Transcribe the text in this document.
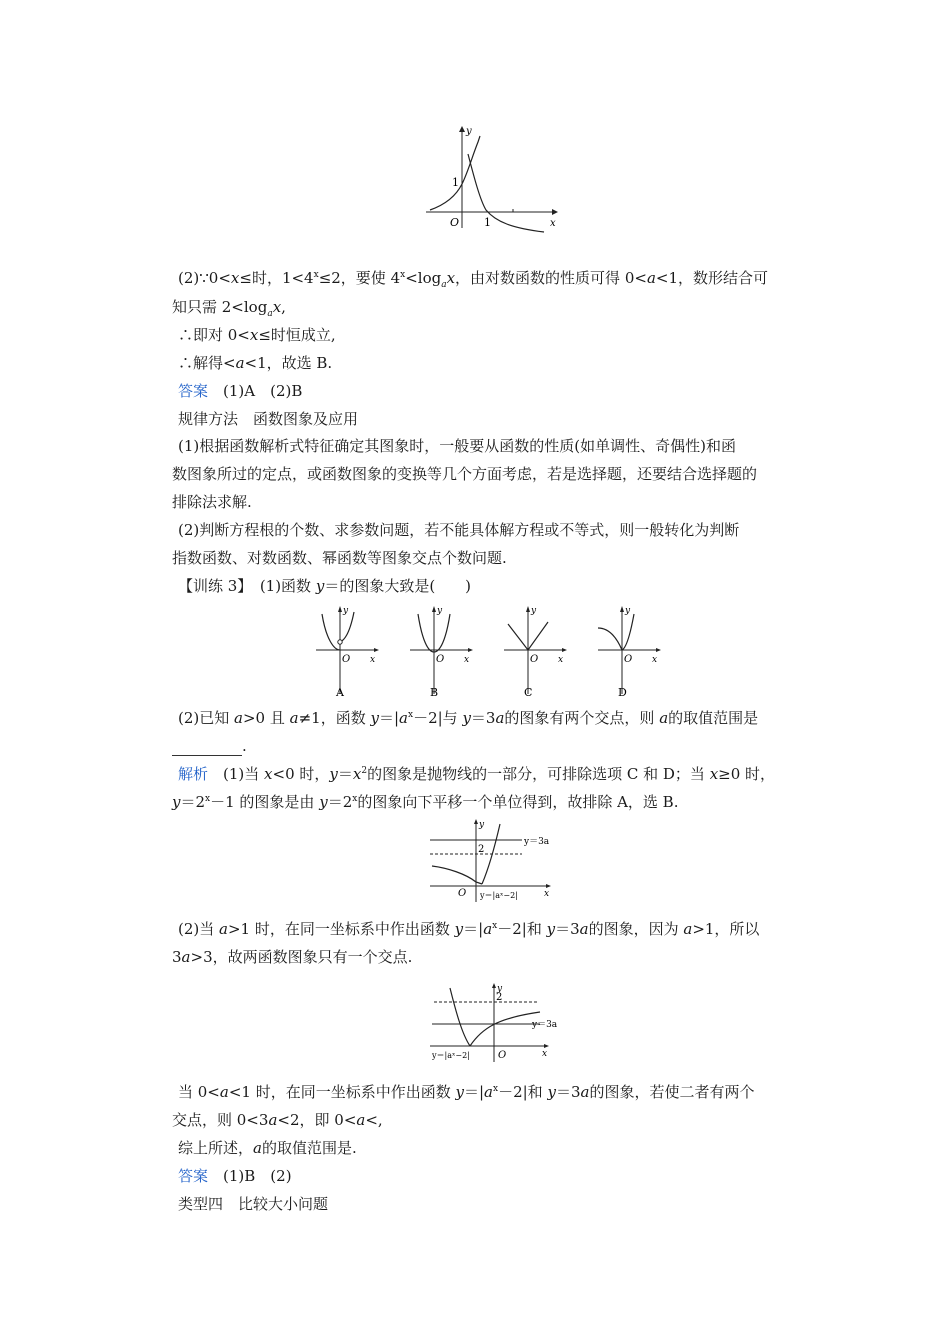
y
x
O
1
1
(2)∵0<x≤时，$1<4^x\le 2$，要使 $4^x<\log_ax$，由对数函数的性质可得 0<a<1，数形结合可
知只需 $2<\log_ax$,
∴即对 0<x≤时恒成立,
∴解得<a<1，故选 B.
答案　 (1)A　(2)B
规律方法　函数图象及应用
(1)根据函数解析式特征确定其图象时，一般要从函数的性质(如单调性、奇偶性)和函
数图象所过的定点，或函数图象的变换等几个方面考虑，若是选择题，还要结合选择题的
排除法求解.
(2)判断方程根的个数、求参数问题，若不能具体解方程或不等式，则一般转化为判断
指数函数、对数函数、幂函数等图象交点个数问题.
【训练 3】　(1)函数 y＝的图象大致是(　　)
O x
y
A
O x
y
B
O x
y
C
O x
y
D
(2)已知 a>0 且 a≠1，函数 $y=|a^x-2|$与 y＝3a的图象有两个交点，则 a的取值范围是
.
解析　(1)当 x<0 时，$y=x^2$的图象是抛物线的一部分，可排除选项 C 和 D；当 x≥0 时，
$y=2^x-1$ 的图象是由 $y=2^x$的图象向下平移一个单位得到，故排除 A，选 B.
y
2
y＝3a
O y＝|aˣ−2|	x
(2)当 a>1 时，在同一坐标系中作出函数 $y=|a^x-2|$和 y＝3a的图象，因为 a>1，所以
3a>3，故两函数图象只有一个交点.
y
2
y＝3a
y＝|aˣ−2|	O	x
当 0<a<1 时，在同一坐标系中作出函数 $y=|a^x-2|$和 y＝3a的图象，若使二者有两个
交点，则 0<3a<2，即 0<a<,
综上所述，a的取值范围是.
答案　 (1)B　(2)
类型四　比较大小问题
